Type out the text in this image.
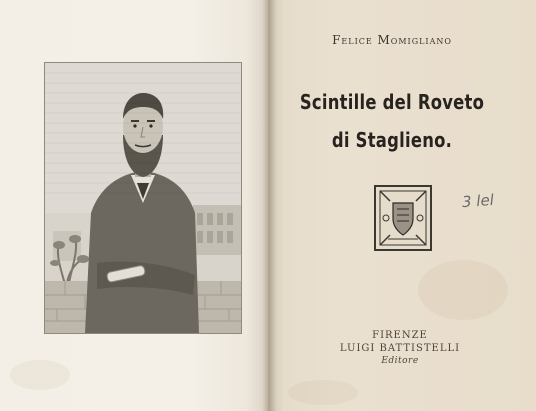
Felice Momigliano
Scintille del Roveto
di Staglieno.
3 lel
FIRENZE
LUIGI BATTISTELLI
Editore
